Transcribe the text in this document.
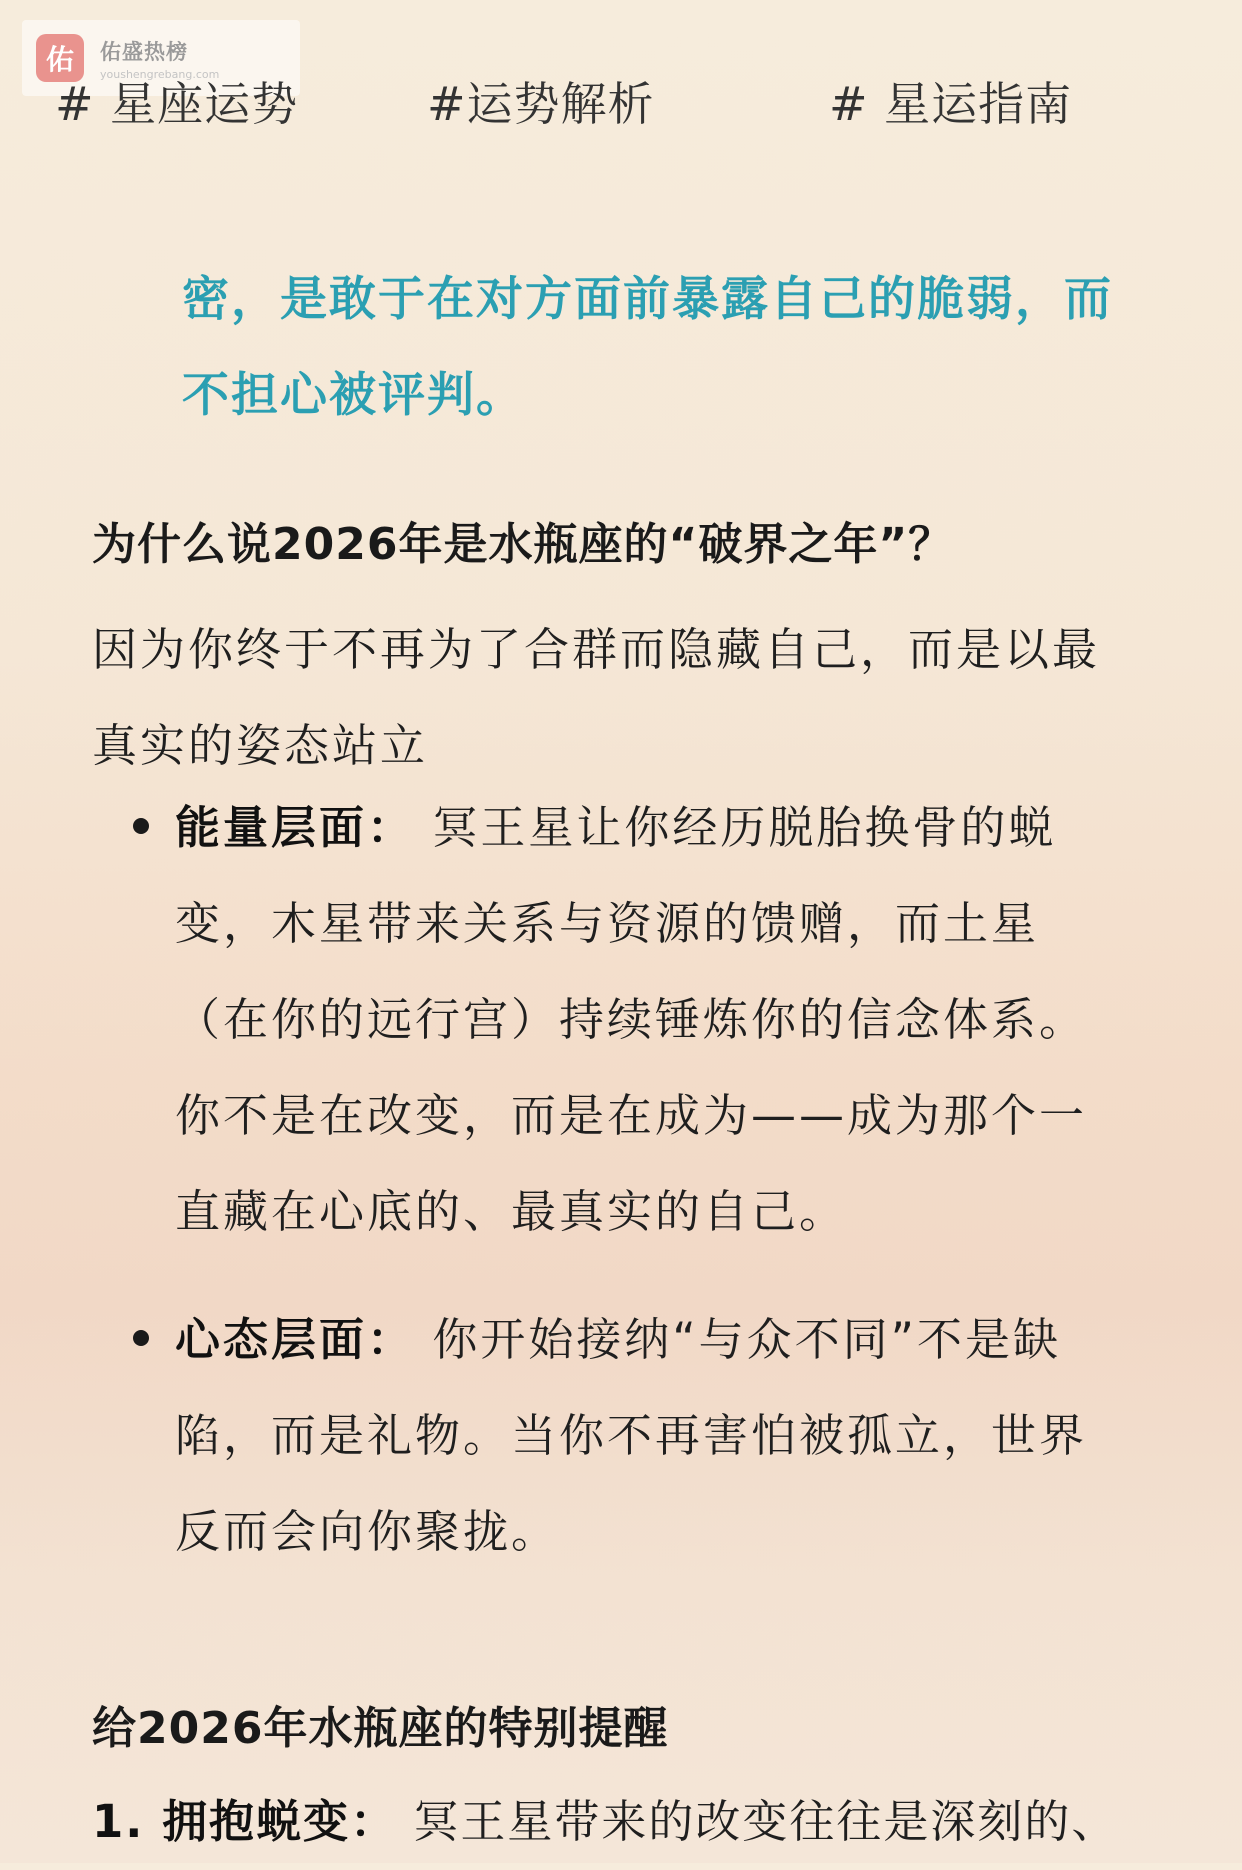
佑	佑盛热榜
youshengrebang.com
# 星座运势	#运势解析	# 星运指南
密，是敢于在对方面前暴露自己的脆弱，而
不担心被评判。
为什么说2026年是水瓶座的“破界之年”？
因为你终于不再为了合群而隐藏自己，而是以最
真实的姿态站立
能量层面： 冥王星让你经历脱胎换骨的蜕
变，木星带来关系与资源的馈赠，而土星
（在你的远行宫）持续锤炼你的信念体系。
你不是在改变，而是在成为——成为那个一
直藏在心底的、最真实的自己。
心态层面： 你开始接纳“与众不同”不是缺
陷，而是礼物。当你不再害怕被孤立，世界
反而会向你聚拢。
给2026年水瓶座的特别提醒
1. 拥抱蜕变： 冥王星带来的改变往往是深刻的、
